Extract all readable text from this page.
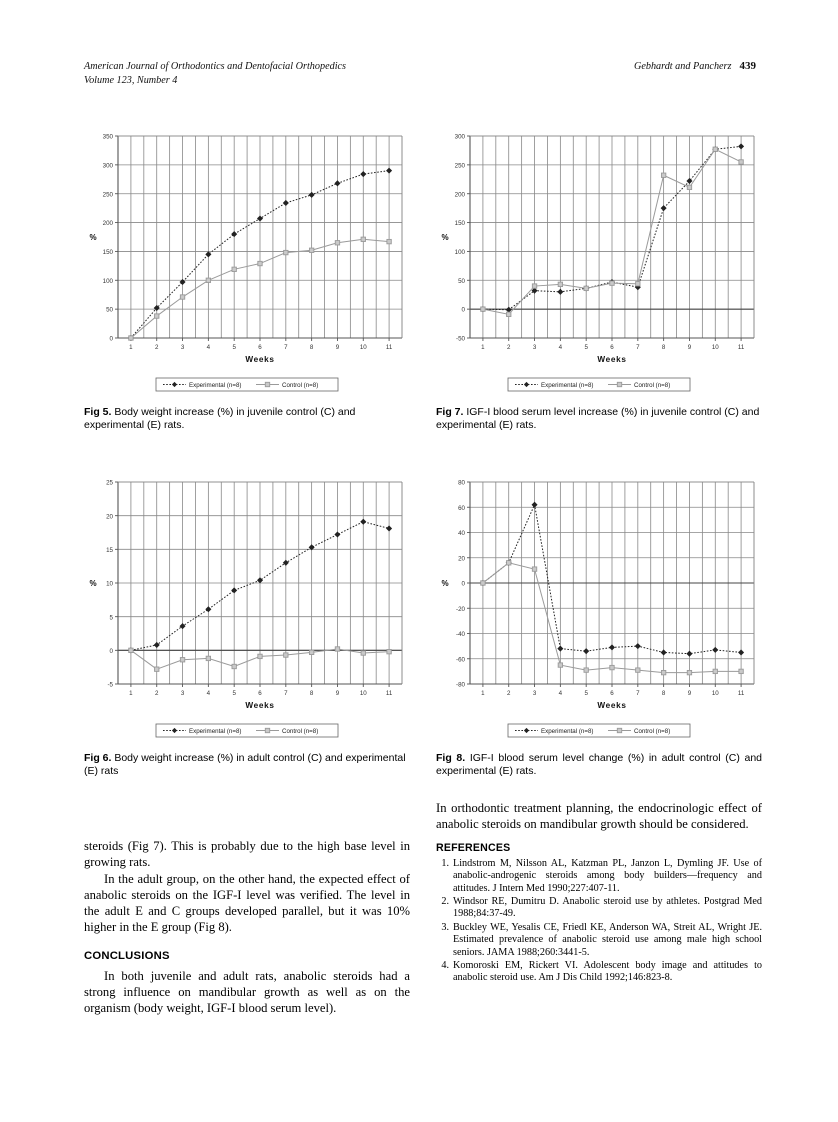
American Journal of Orthodontics and Dentofacial Orthopedics
Volume 123, Number 4
Gebhardt and Pancherz 439
0
50
100
150
200
250
300
350
%
1	2	3	4	5	6	7	8	9	10	11
Weeks
Experimental (n=8)	Control (n=8)
Fig 5. Body weight increase (%) in juvenile control (C) and experimental (E) rats.
-50
0
50
100
150
200
250
300
%
1	2	3	4	5	6	7	8	9	10	11
Weeks
Experimental (n=8)	Control (n=8)
Fig 7. IGF-I blood serum level increase (%) in juvenile control (C) and experimental (E) rats.
-5
0
5
10
15
20
25
%
1	2	3	4	5	6	7	8	9	10	11
Weeks
Experimental (n=8)	Control (n=8)
Fig 6. Body weight increase (%) in adult control (C) and experimental (E) rats
-80
-60
-40
-20
0
20
40
60
80
%
1	2	3	4	5	6	7	8	9	10	11
Weeks
Experimental (n=8)	Control (n=8)
Fig 8. IGF-I blood serum level change (%) in adult control (C) and experimental (E) rats.

steroids (Fig 7). This is probably due to the high base level in growing rats.

In the adult group, on the other hand, the expected effect of anabolic steroids on the IGF-I level was verified. The level in the adult E and C groups developed parallel, but it was 10% higher in the E group (Fig 8).

CONCLUSIONS

In both juvenile and adult rats, anabolic steroids had a strong influence on mandibular growth as well as on the organism (body weight, IGF-I blood serum level).

In orthodontic treatment planning, the endocrinologic effect of anabolic steroids on mandibular growth should be considered.

REFERENCES
1. Lindstrom M, Nilsson AL, Katzman PL, Janzon L, Dymling JF. Use of anabolic-androgenic steroids among body builders—frequency and attitudes. J Intern Med 1990;227:407-11.
2. Windsor RE, Dumitru D. Anabolic steroid use by athletes. Postgrad Med 1988;84:37-49.
3. Buckley WE, Yesalis CE, Friedl KE, Anderson WA, Streit AL, Wright JE. Estimated prevalence of anabolic steroid use among male high school seniors. JAMA 1988;260:3441-5.
4. Komoroski EM, Rickert VI. Adolescent body image and attitudes to anabolic steroid use. Am J Dis Child 1992;146:823-8.
